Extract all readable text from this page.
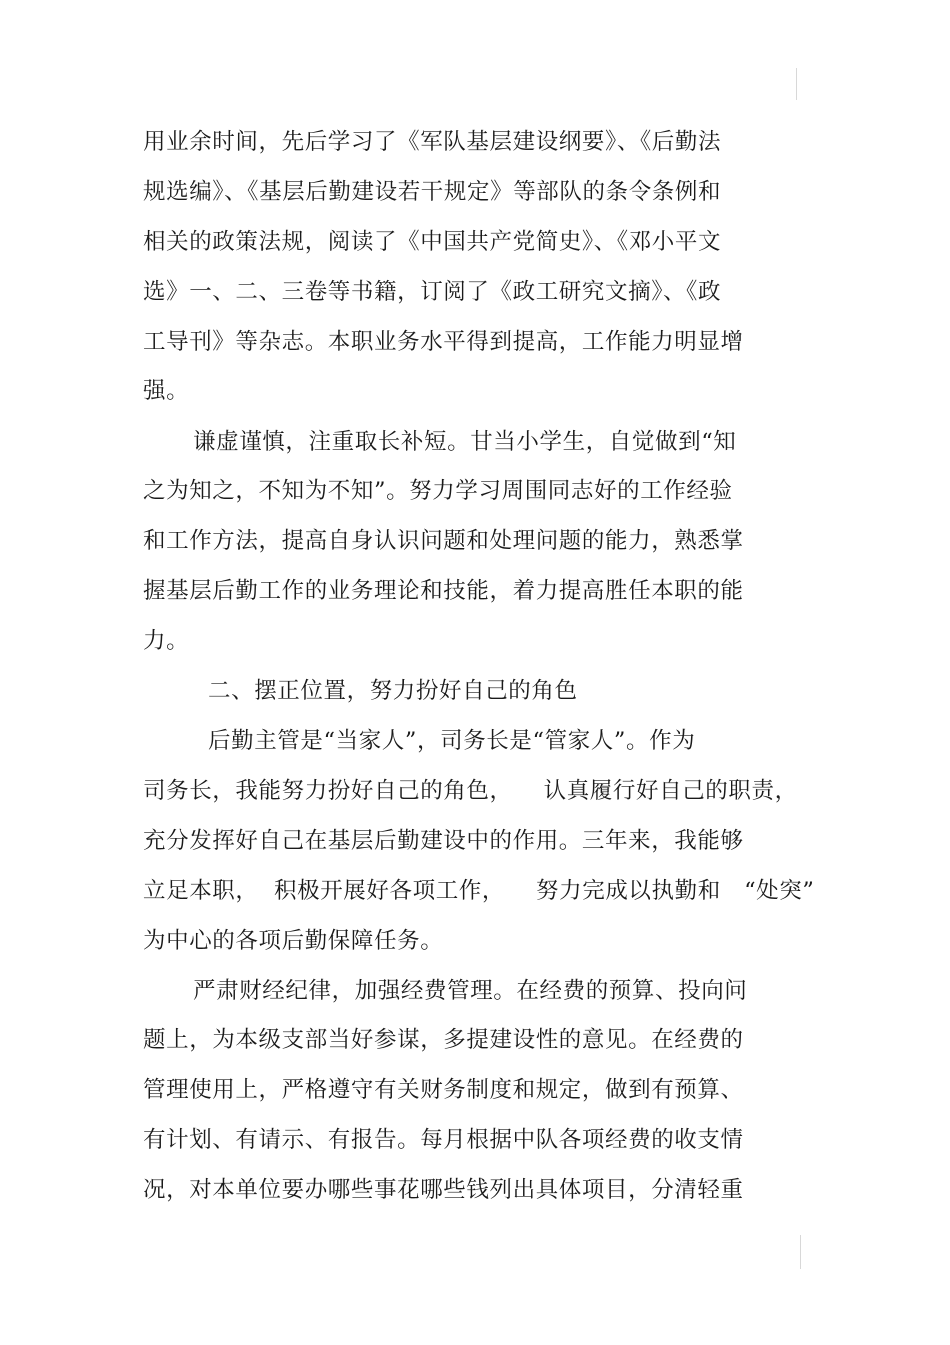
用业余时间，先后学习了《军队基层建设纲要》、《后勤法
规选编》、《基层后勤建设若干规定》等部队的条令条例和
相关的政策法规，阅读了《中国共产党简史》、《邓小平文
选》一、二、三卷等书籍，订阅了《政工研究文摘》、《政
工导刊》等杂志。本职业务水平得到提高，工作能力明显增
强。
谦虚谨慎，注重取长补短。甘当小学生，自觉做到“知
之为知之，不知为不知”。努力学习周围同志好的工作经验
和工作方法，提高自身认识问题和处理问题的能力，熟悉掌
握基层后勤工作的业务理论和技能，着力提高胜任本职的能
力。
二、摆正位置，努力扮好自己的角色
后勤主管是“当家人”，司务长是“管家人”。作为
司务长，我能努力扮好自己的角色，    认真履行好自己的职责，
充分发挥好自己在基层后勤建设中的作用。三年来，我能够
立足本职，  积极开展好各项工作，    努力完成以执勤和   “处突”
为中心的各项后勤保障任务。
严肃财经纪律，加强经费管理。在经费的预算、投向问
题上，为本级支部当好参谋，多提建设性的意见。在经费的
管理使用上，严格遵守有关财务制度和规定，做到有预算、
有计划、有请示、有报告。每月根据中队各项经费的收支情
况，对本单位要办哪些事花哪些钱列出具体项目，分清轻重
